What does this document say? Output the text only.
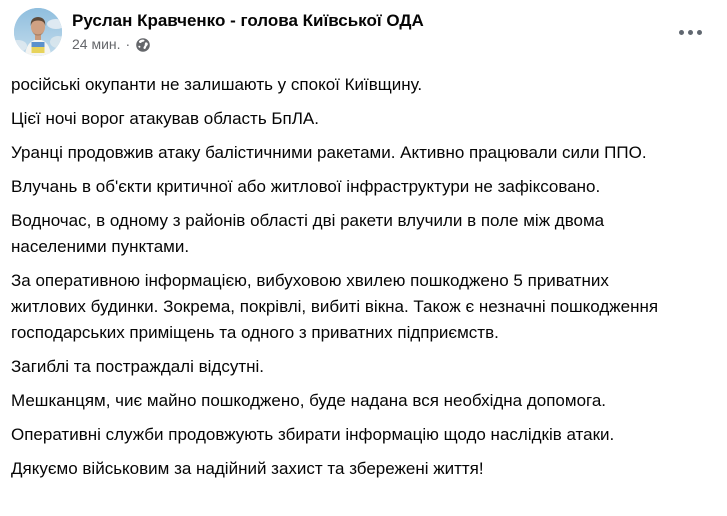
Руслан Кравченко - голова Київської ОДА
24 мин. ·

російські окупанти не залишають у спокої Київщину.

Цієї ночі ворог атакував область БпЛА.

Уранці продовжив атаку балістичними ракетами. Активно працювали сили ППО.

Влучань в об'єкти критичної або житлової інфраструктури не зафіксовано.

Водночас, в одному з районів області дві ракети влучили в поле між двома населеними пунктами.

За оперативною інформацією, вибуховою хвилею пошкоджено 5 приватних житлових будинки. Зокрема, покрівлі, вибиті вікна. Також є незначні пошкодження господарських приміщень та одного з приватних підприємств.

Загиблі та постраждалі відсутні.

Мешканцям, чиє майно пошкоджено, буде надана вся необхідна допомога.

Оперативні служби продовжують збирати інформацію щодо наслідків атаки.

Дякуємо військовим за надійний захист та збережені життя!
